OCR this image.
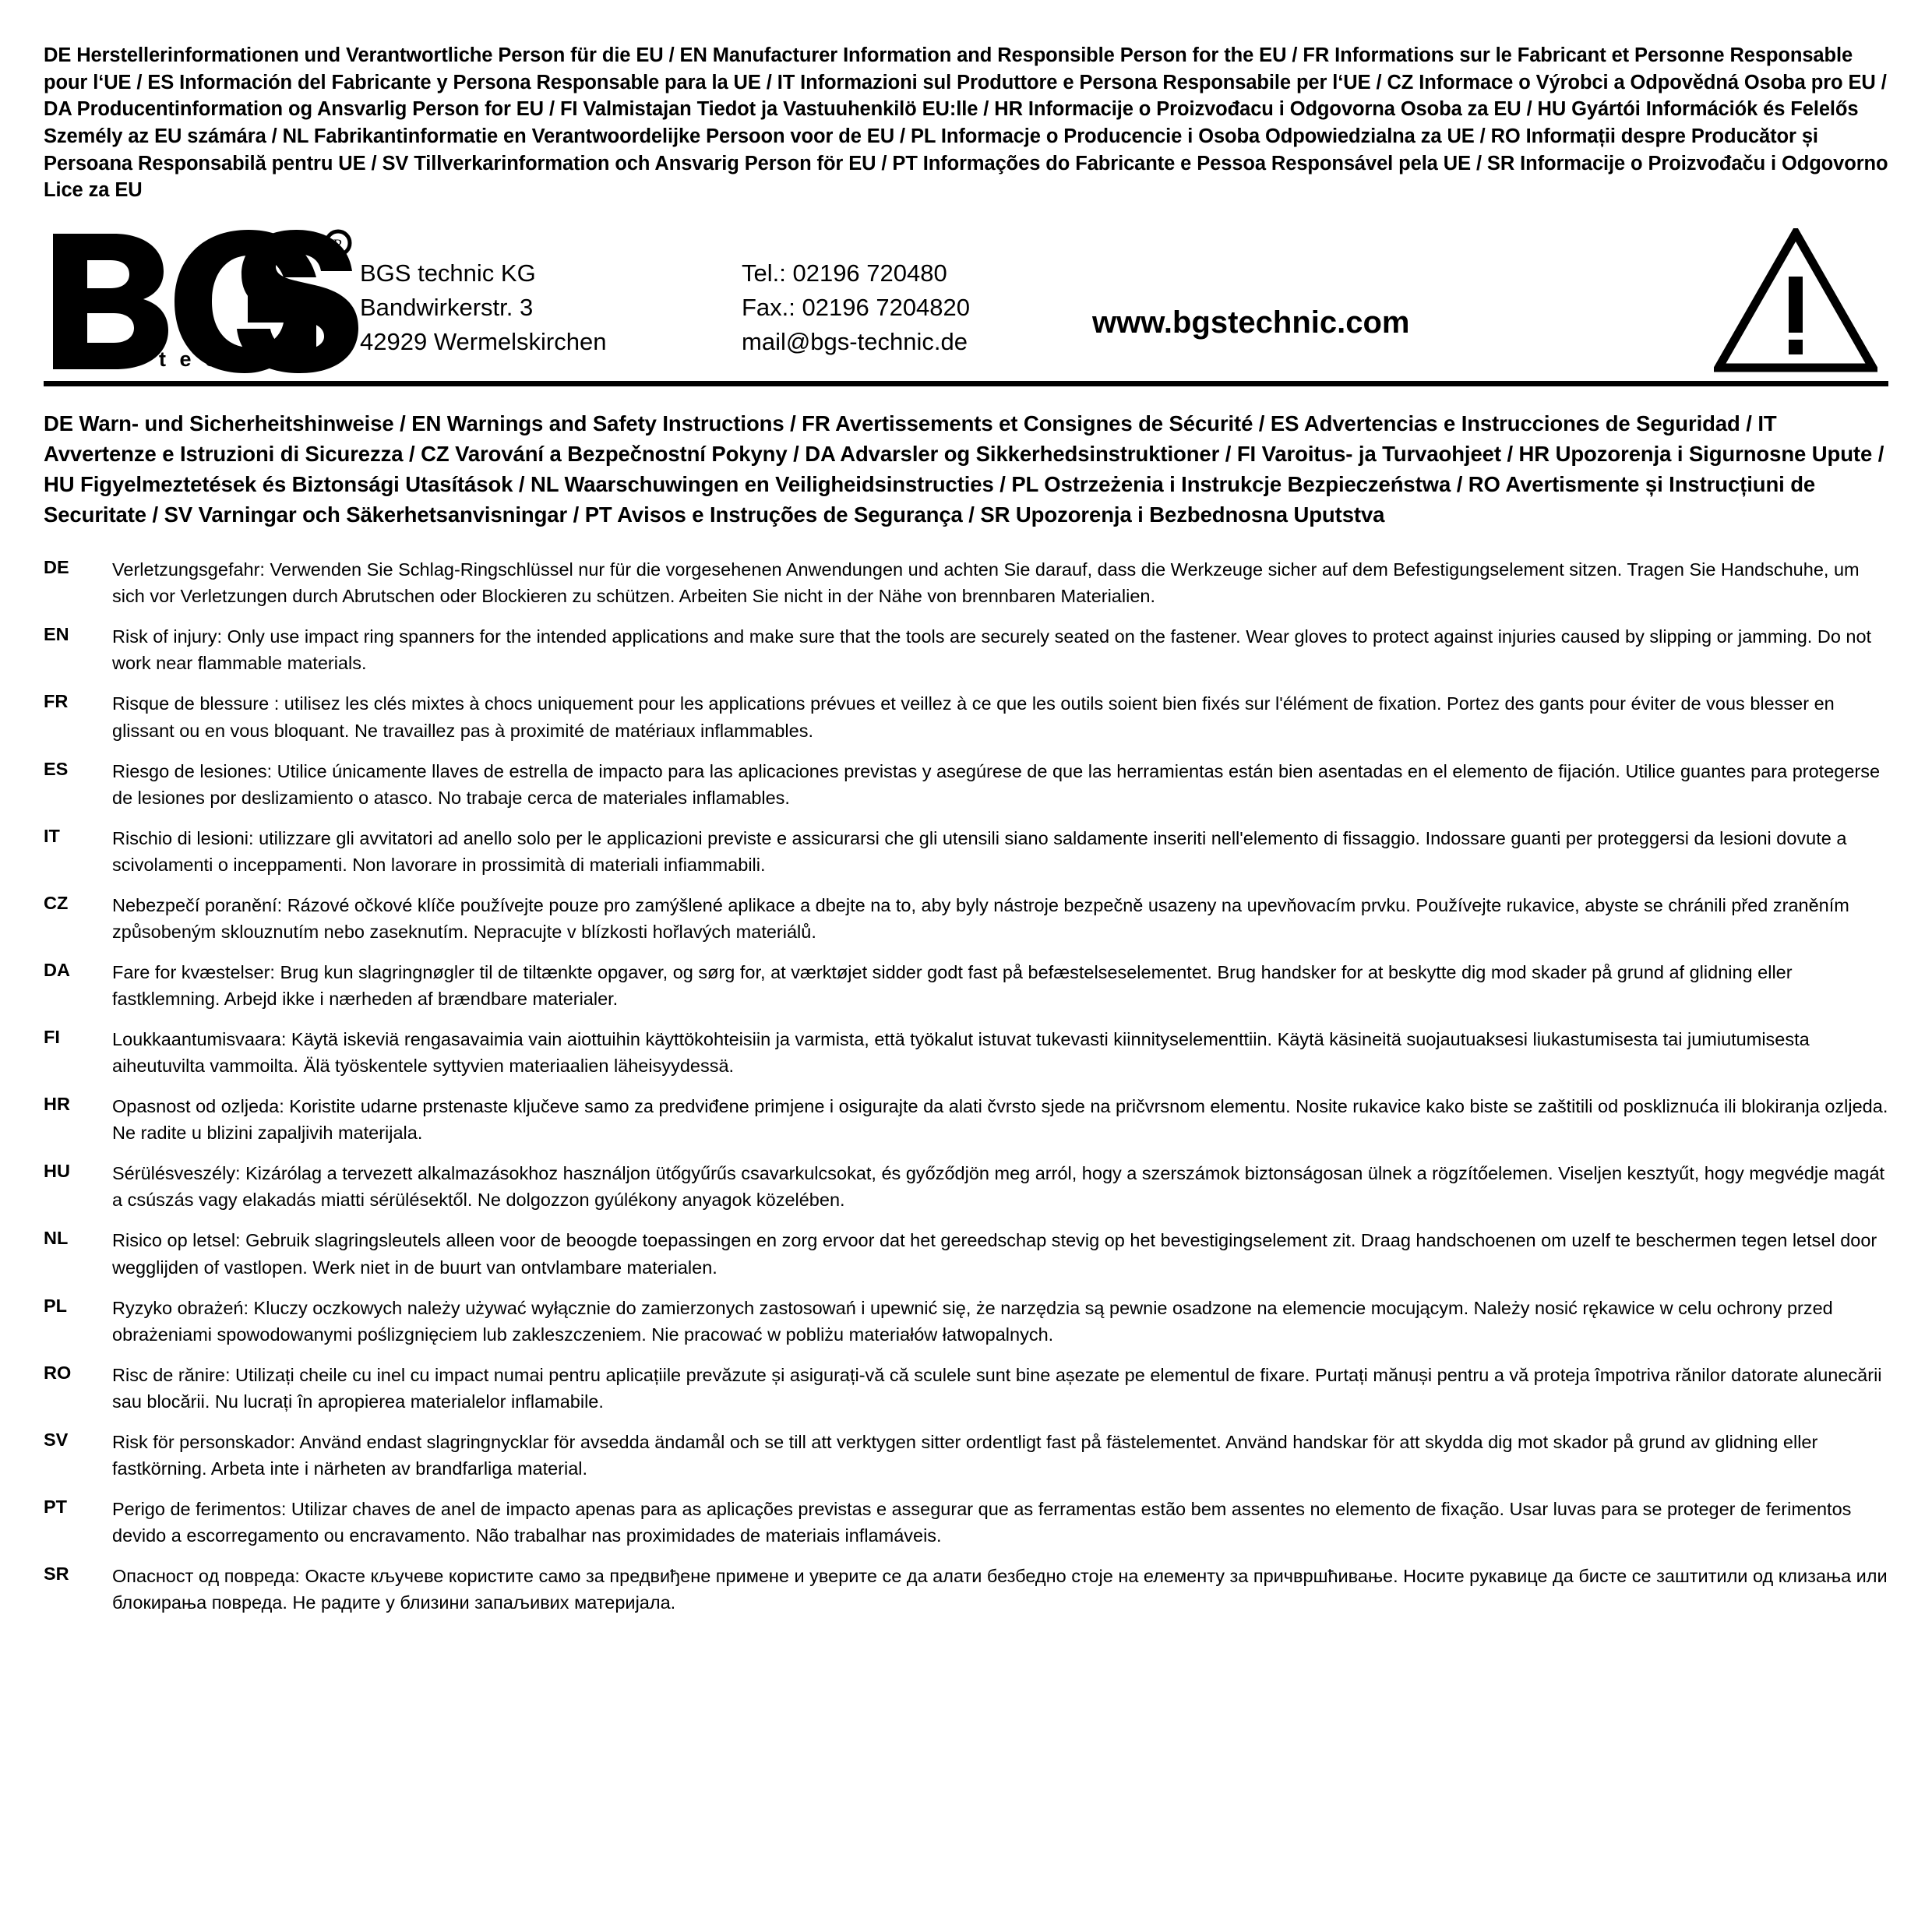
DE Herstellerinformationen und Verantwortliche Person für die EU / EN Manufacturer Information and Responsible Person for the EU / FR Informations sur le Fabricant et Personne Responsable pour l‘UE / ES Información del Fabricante y Persona Responsable para la UE / IT Informazioni sul Produttore e Persona Responsabile per l‘UE / CZ Informace o Výrobci a Odpovědná Osoba pro EU / DA Producentinformation og Ansvarlig Person for EU / FI Valmistajan Tiedot ja Vastuuhenkilö EU:lle / HR Informacije o Proizvođacu i Odgovorna Osoba za EU / HU Gyártói Információk és Felelős Személy az EU számára / NL Fabrikantinformatie en Verantwoordelijke Persoon voor de EU / PL Informacje o Producencie i Osoba Odpowiedzialna za UE / RO Informații despre Producător și Persoana Responsabilă pentru UE / SV Tillverkarinformation och Ansvarig Person för EU / PT Informações do Fabricante e Pessoa Responsável pela UE / SR Informacije o Proizvođaču i Odgovorno Lice za EU
R
t e c h n i c
BGS technic KG
Bandwirkerstr. 3
42929 Wermelskirchen
Tel.: 02196 720480
Fax.: 02196 7204820
mail@bgs-technic.de
www.bgstechnic.com
DE Warn- und Sicherheitshinweise / EN Warnings and Safety Instructions / FR Avertissements et Consignes de Sécurité / ES Advertencias e Instrucciones de Seguridad / IT Avvertenze e Istruzioni di Sicurezza / CZ Varování a Bezpečnostní Pokyny / DA Advarsler og Sikkerhedsinstruktioner / FI Varoitus- ja Turvaohjeet / HR Upozorenja i Sigurnosne Upute / HU Figyelmeztetések és Biztonsági Utasítások / NL Waarschuwingen en Veiligheidsinstructies / PL Ostrzeżenia i Instrukcje Bezpieczeństwa / RO Avertismente și Instrucțiuni de Securitate / SV Varningar och Säkerhetsanvisningar / PT Avisos e Instruções de Segurança / SR Upozorenja i Bezbednosna Uputstva
DE	Verletzungsgefahr: Verwenden Sie Schlag-Ringschlüssel nur für die vorgesehenen Anwendungen und achten Sie darauf, dass die Werkzeuge sicher auf dem Befestigungselement sitzen. Tragen Sie Handschuhe, um sich vor Verletzungen durch Abrutschen oder Blockieren zu schützen. Arbeiten Sie nicht in der Nähe von brennbaren Materialien.
EN	Risk of injury: Only use impact ring spanners for the intended applications and make sure that the tools are securely seated on the fastener. Wear gloves to protect against injuries caused by slipping or jamming. Do not work near flammable materials.
FR	Risque de blessure : utilisez les clés mixtes à chocs uniquement pour les applications prévues et veillez à ce que les outils soient bien fixés sur l'élément de fixation. Portez des gants pour éviter de vous blesser en glissant ou en vous bloquant. Ne travaillez pas à proximité de matériaux inflammables.
ES	Riesgo de lesiones: Utilice únicamente llaves de estrella de impacto para las aplicaciones previstas y asegúrese de que las herramientas están bien asentadas en el elemento de fijación. Utilice guantes para protegerse de lesiones por deslizamiento o atasco. No trabaje cerca de materiales inflamables.
IT	Rischio di lesioni: utilizzare gli avvitatori ad anello solo per le applicazioni previste e assicurarsi che gli utensili siano saldamente inseriti nell'elemento di fissaggio. Indossare guanti per proteggersi da lesioni dovute a scivolamenti o inceppamenti. Non lavorare in prossimità di materiali infiammabili.
CZ	Nebezpečí poranění: Rázové očkové klíče používejte pouze pro zamýšlené aplikace a dbejte na to, aby byly nástroje bezpečně usazeny na upevňovacím prvku. Používejte rukavice, abyste se chránili před zraněním způsobeným sklouznutím nebo zaseknutím. Nepracujte v blízkosti hořlavých materiálů.
DA	Fare for kvæstelser: Brug kun slagringnøgler til de tiltænkte opgaver, og sørg for, at værktøjet sidder godt fast på befæstelseselementet. Brug handsker for at beskytte dig mod skader på grund af glidning eller fastklemning. Arbejd ikke i nærheden af brændbare materialer.
FI	Loukkaantumisvaara: Käytä iskeviä rengasavaimia vain aiottuihin käyttökohteisiin ja varmista, että työkalut istuvat tukevasti kiinnityselementtiin. Käytä käsineitä suojautuaksesi liukastumisesta tai jumiutumisesta aiheutuvilta vammoilta. Älä työskentele syttyvien materiaalien läheisyydessä.
HR	Opasnost od ozljeda: Koristite udarne prstenaste ključeve samo za predviđene primjene i osigurajte da alati čvrsto sjede na pričvrsnom elementu. Nosite rukavice kako biste se zaštitili od poskliznuća ili blokiranja ozljeda. Ne radite u blizini zapaljivih materijala.
HU	Sérülésveszély: Kizárólag a tervezett alkalmazásokhoz használjon ütőgyűrűs csavarkulcsokat, és győződjön meg arról, hogy a szerszámok biztonságosan ülnek a rögzítőelemen. Viseljen kesztyűt, hogy megvédje magát a csúszás vagy elakadás miatti sérülésektől. Ne dolgozzon gyúlékony anyagok közelében.
NL	Risico op letsel: Gebruik slagringsleutels alleen voor de beoogde toepassingen en zorg ervoor dat het gereedschap stevig op het bevestigingselement zit. Draag handschoenen om uzelf te beschermen tegen letsel door wegglijden of vastlopen. Werk niet in de buurt van ontvlambare materialen.
PL	Ryzyko obrażeń: Kluczy oczkowych należy używać wyłącznie do zamierzonych zastosowań i upewnić się, że narzędzia są pewnie osadzone na elemencie mocującym. Należy nosić rękawice w celu ochrony przed obrażeniami spowodowanymi poślizgnięciem lub zakleszczeniem. Nie pracować w pobliżu materiałów łatwopalnych.
RO	Risc de rănire: Utilizați cheile cu inel cu impact numai pentru aplicațiile prevăzute și asigurați-vă că sculele sunt bine așezate pe elementul de fixare. Purtați mănuși pentru a vă proteja împotriva rănilor datorate alunecării sau blocării. Nu lucrați în apropierea materialelor inflamabile.
SV	Risk för personskador: Använd endast slagringnycklar för avsedda ändamål och se till att verktygen sitter ordentligt fast på fästelementet. Använd handskar för att skydda dig mot skador på grund av glidning eller fastkörning. Arbeta inte i närheten av brandfarliga material.
PT	Perigo de ferimentos: Utilizar chaves de anel de impacto apenas para as aplicações previstas e assegurar que as ferramentas estão bem assentes no elemento de fixação. Usar luvas para se proteger de ferimentos devido a escorregamento ou encravamento. Não trabalhar nas proximidades de materiais inflamáveis.
SR	Опасност од повреда: Окасте кључеве користите само за предвиђене примене и уверите се да алати безбедно стоје на елементу за причвршћивање. Носите рукавице да бисте се заштитили од клизања или блокирања повреда. Не радите у близини запаљивих материјала.
